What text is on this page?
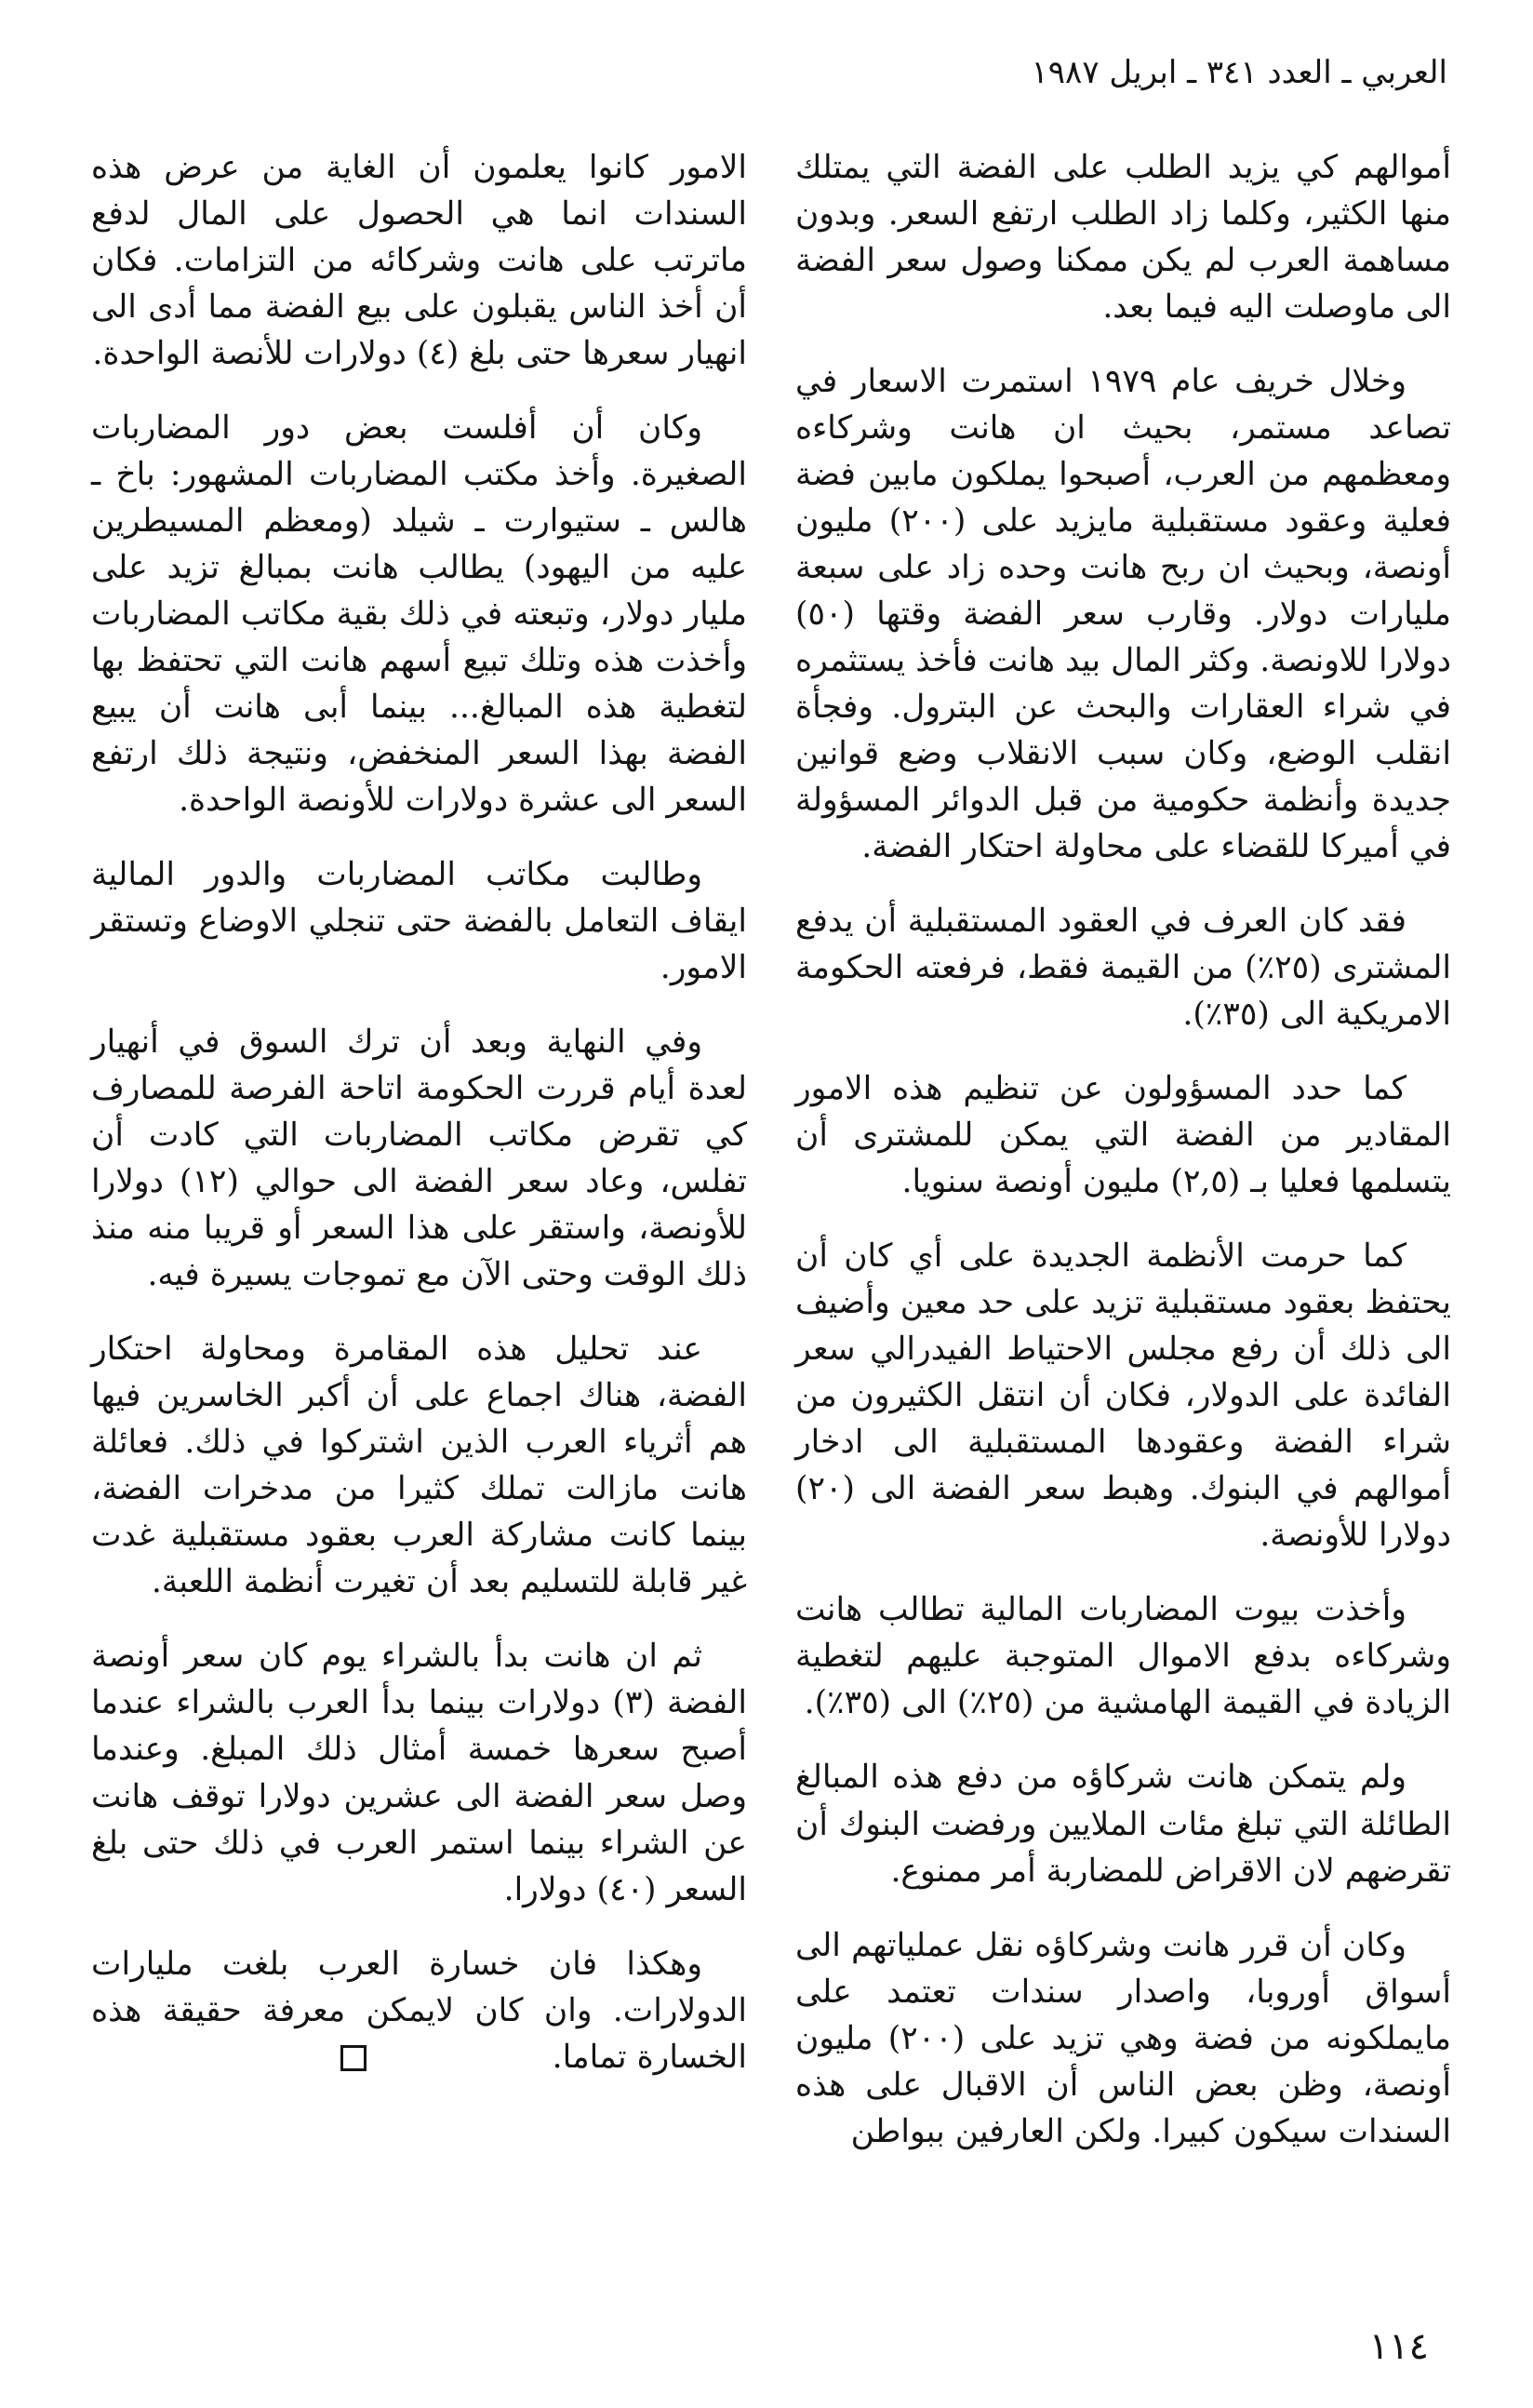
العربي ـ العدد ٣٤١ ـ ابريل ١٩٨٧

أموالهم كي يزيد الطلب على الفضة التي يمتلك منها الكثير، وكلما زاد الطلب ارتفع السعر. وبدون مساهمة العرب لم يكن ممكنا وصول سعر الفضة الى ماوصلت اليه فيما بعد.

وخلال خريف عام ١٩٧٩ استمرت الاسعار في تصاعد مستمر، بحيث ان هانت وشركاءه ومعظمهم من العرب، أصبحوا يملكون مابين فضة فعلية وعقود مستقبلية مايزيد على (٢٠٠) مليون أونصة، وبحيث ان ربح هانت وحده زاد على سبعة مليارات دولار. وقارب سعر الفضة وقتها (٥٠) دولارا للاونصة. وكثر المال بيد هانت فأخذ يستثمره في شراء العقارات والبحث عن البترول. وفجأة انقلب الوضع، وكان سبب الانقلاب وضع قوانين جديدة وأنظمة حكومية من قبل الدوائر المسؤولة في أميركا للقضاء على محاولة احتكار الفضة.

فقد كان العرف في العقود المستقبلية أن يدفع المشترى (٢٥٪) من القيمة فقط، فرفعته الحكومة الامريكية الى (٣٥٪).

كما حدد المسؤولون عن تنظيم هذه الامور المقادير من الفضة التي يمكن للمشترى أن يتسلمها فعليا بـ (٢,٥) مليون أونصة سنويا.

كما حرمت الأنظمة الجديدة على أي كان أن يحتفظ بعقود مستقبلية تزيد على حد معين وأضيف الى ذلك أن رفع مجلس الاحتياط الفيدرالي سعر الفائدة على الدولار، فكان أن انتقل الكثيرون من شراء الفضة وعقودها المستقبلية الى ادخار أموالهم في البنوك. وهبط سعر الفضة الى (٢٠) دولارا للأونصة.

وأخذت بيوت المضاربات المالية تطالب هانت وشركاءه بدفع الاموال المتوجبة عليهم لتغطية الزيادة في القيمة الهامشية من (٢٥٪) الى (٣٥٪).

ولم يتمكن هانت شركاؤه من دفع هذه المبالغ الطائلة التي تبلغ مئات الملايين ورفضت البنوك أن تقرضهم لان الاقراض للمضاربة أمر ممنوع.

وكان أن قرر هانت وشركاؤه نقل عملياتهم الى أسواق أوروبا، واصدار سندات تعتمد على مايملكونه من فضة وهي تزيد على (٢٠٠) مليون أونصة، وظن بعض الناس أن الاقبال على هذه السندات سيكون كبيرا. ولكن العارفين ببواطن

الامور كانوا يعلمون أن الغاية من عرض هذه السندات انما هي الحصول على المال لدفع ماترتب على هانت وشركائه من التزامات. فكان أن أخذ الناس يقبلون على بيع الفضة مما أدى الى انهيار سعرها حتى بلغ (٤) دولارات للأنصة الواحدة.

وكان أن أفلست بعض دور المضاربات الصغيرة. وأخذ مكتب المضاربات المشهور: باخ ـ هالس ـ ستيوارت ـ شيلد (ومعظم المسيطرين عليه من اليهود) يطالب هانت بمبالغ تزيد على مليار دولار، وتبعته في ذلك بقية مكاتب المضاربات وأخذت هذه وتلك تبيع أسهم هانت التي تحتفظ بها لتغطية هذه المبالغ... بينما أبى هانت أن يبيع الفضة بهذا السعر المنخفض، ونتيجة ذلك ارتفع السعر الى عشرة دولارات للأونصة الواحدة.

وطالبت مكاتب المضاربات والدور المالية ايقاف التعامل بالفضة حتى تنجلي الاوضاع وتستقر الامور.

وفي النهاية وبعد أن ترك السوق في أنهيار لعدة أيام قررت الحكومة اتاحة الفرصة للمصارف كي تقرض مكاتب المضاربات التي كادت أن تفلس، وعاد سعر الفضة الى حوالي (١٢) دولارا للأونصة، واستقر على هذا السعر أو قريبا منه منذ ذلك الوقت وحتى الآن مع تموجات يسيرة فيه.

عند تحليل هذه المقامرة ومحاولة احتكار الفضة، هناك اجماع على أن أكبر الخاسرين فيها هم أثرياء العرب الذين اشتركوا في ذلك. فعائلة هانت مازالت تملك كثيرا من مدخرات الفضة، بينما كانت مشاركة العرب بعقود مستقبلية غدت غير قابلة للتسليم بعد أن تغيرت أنظمة اللعبة.

ثم ان هانت بدأ بالشراء يوم كان سعر أونصة الفضة (٣) دولارات بينما بدأ العرب بالشراء عندما أصبح سعرها خمسة أمثال ذلك المبلغ. وعندما وصل سعر الفضة الى عشرين دولارا توقف هانت عن الشراء بينما استمر العرب في ذلك حتى بلغ السعر (٤٠) دولارا.

وهكذا فان خسارة العرب بلغت مليارات الدولارات. وان كان لايمكن معرفة حقيقة هذه الخسارة تماما.

١١٤
